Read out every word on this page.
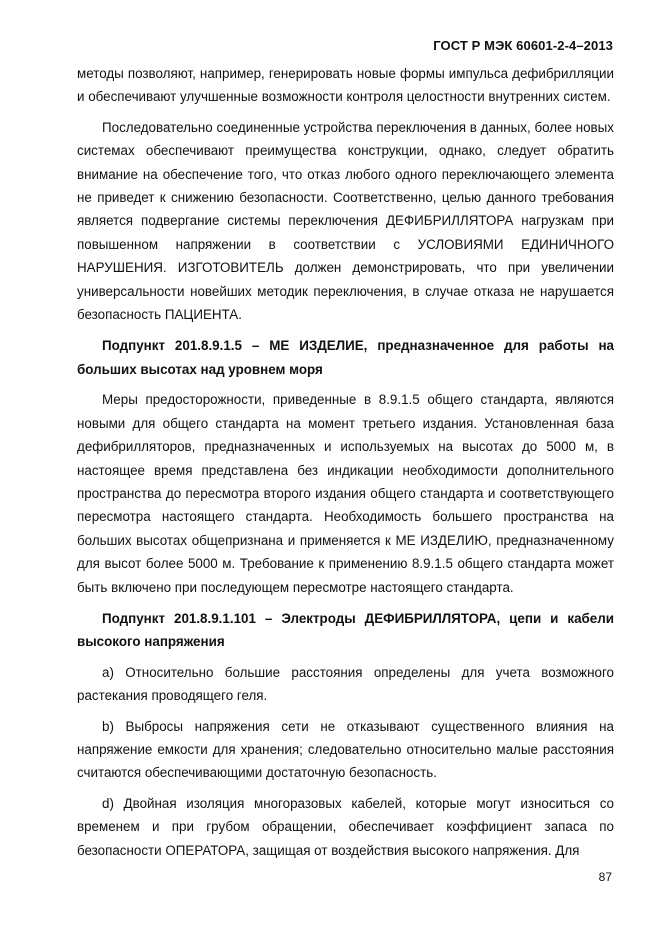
ГОСТ Р МЭК 60601-2-4–2013

методы позволяют, например, генерировать новые формы импульса дефибрилляции и обеспечивают улучшенные возможности контроля целостности внутренних систем.

Последовательно соединенные устройства переключения в данных, более новых системах обеспечивают преимущества конструкции, однако, следует обратить внимание на обеспечение того, что отказ любого одного переключающего элемента не приведет к снижению безопасности. Соответственно, целью данного требования является подвергание системы переключения ДЕФИБРИЛЛЯТОРА нагрузкам при повышенном напряжении в соответствии с УСЛОВИЯМИ ЕДИНИЧНОГО НАРУШЕНИЯ. ИЗГОТОВИТЕЛЬ должен демонстрировать, что при увеличении универсальности новейших методик переключения, в случае отказа не нарушается безопасность ПАЦИЕНТА.

Подпункт 201.8.9.1.5 – МЕ ИЗДЕЛИЕ, предназначенное для работы на больших высотах над уровнем моря

Меры предосторожности, приведенные в 8.9.1.5 общего стандарта, являются новыми для общего стандарта на момент третьего издания. Установленная база дефибрилляторов, предназначенных и используемых на высотах до 5000 м, в настоящее время представлена без индикации необходимости дополнительного пространства до пересмотра второго издания общего стандарта и соответствующего пересмотра настоящего стандарта. Необходимость большего пространства на больших высотах общепризнана и применяется к МЕ ИЗДЕЛИЮ, предназначенному для высот более 5000 м. Требование к применению 8.9.1.5 общего стандарта может быть включено при последующем пересмотре настоящего стандарта.

Подпункт 201.8.9.1.101 – Электроды ДЕФИБРИЛЛЯТОРА, цепи и кабели высокого напряжения

a) Относительно большие расстояния определены для учета возможного растекания проводящего геля.

b) Выбросы напряжения сети не отказывают существенного влияния на напряжение емкости для хранения; следовательно относительно малые расстояния считаются обеспечивающими достаточную безопасность.

d) Двойная изоляция многоразовых кабелей, которые могут износиться со временем и при грубом обращении, обеспечивает коэффициент запаса по безопасности ОПЕРАТОРА, защищая от воздействия высокого напряжения. Для

87
